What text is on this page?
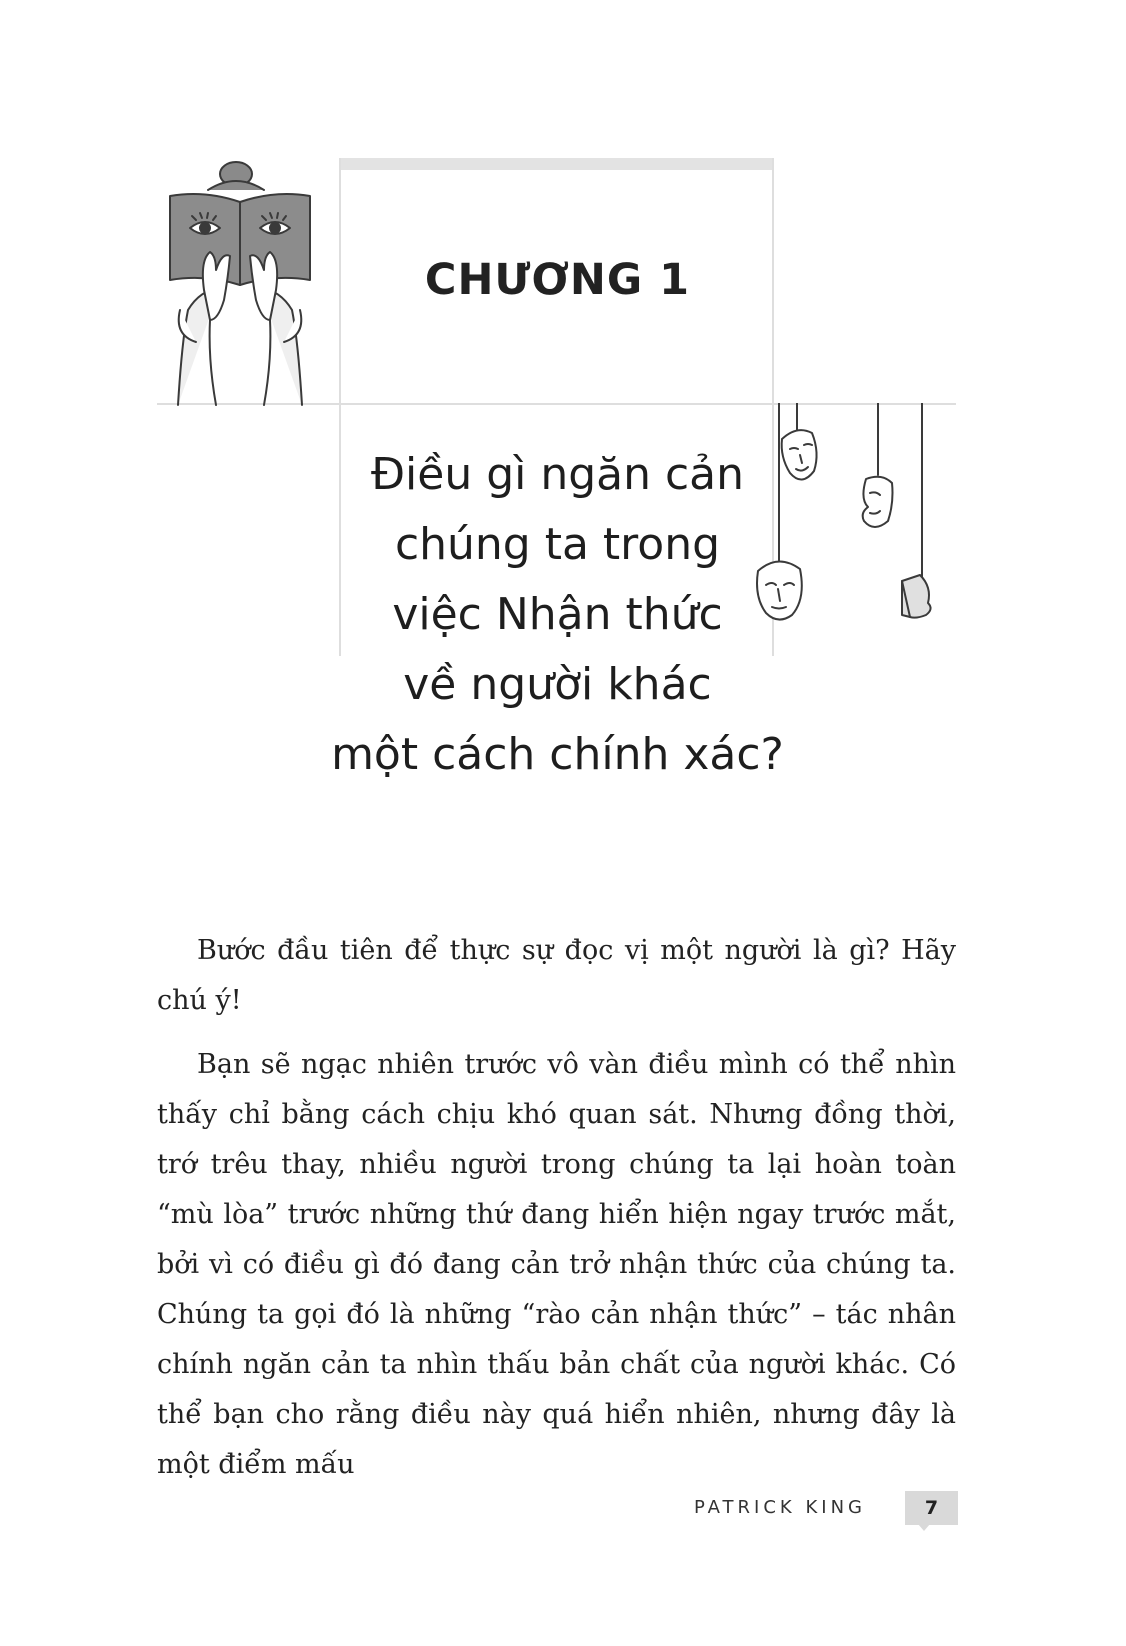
CHƯƠNG 1
Điều gì ngăn cản
chúng ta trong
việc Nhận thức
về người khác
một cách chính xác?

Bước đầu tiên để thực sự đọc vị một người là gì? Hãy chú ý!

Bạn sẽ ngạc nhiên trước vô vàn điều mình có thể nhìn thấy chỉ bằng cách chịu khó quan sát. Nhưng đồng thời, trớ trêu thay, nhiều người trong chúng ta lại hoàn toàn “mù lòa” trước những thứ đang hiển hiện ngay trước mắt, bởi vì có điều gì đó đang cản trở nhận thức của chúng ta. Chúng ta gọi đó là những “rào cản nhận thức” – tác nhân chính ngăn cản ta nhìn thấu bản chất của người khác. Có thể bạn cho rằng điều này quá hiển nhiên, nhưng đây là một điểm mấu

PATRICK KING	7
